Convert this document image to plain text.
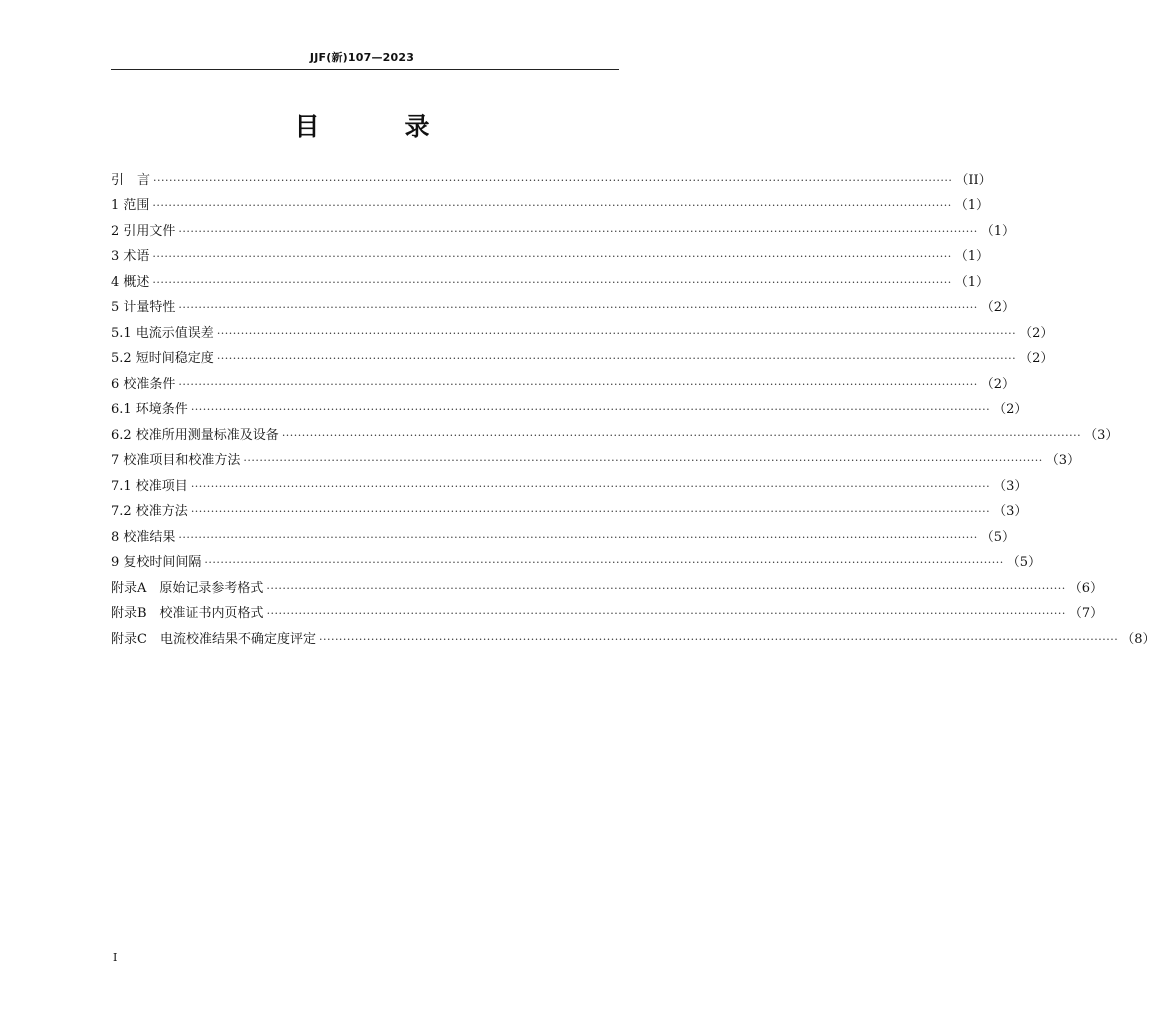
JJF(新)107—2023
目　录
引　言 ········································································································································································································ （II）
1 范围 ········································································································································································································ （1）
2 引用文件 ········································································································································································································ （1）
3 术语 ········································································································································································································ （1）
4 概述 ········································································································································································································ （1）
5 计量特性 ········································································································································································································ （2）
5.1 电流示值误差 ········································································································································································································ （2）
5.2 短时间稳定度 ········································································································································································································ （2）
6 校准条件 ········································································································································································································ （2）
6.1 环境条件 ········································································································································································································ （2）
6.2 校准所用测量标准及设备 ········································································································································································································ （3）
7 校准项目和校准方法 ········································································································································································································ （3）
7.1 校准项目 ········································································································································································································ （3）
7.2 校准方法 ········································································································································································································ （3）
8 校准结果 ········································································································································································································ （5）
9 复校时间间隔 ········································································································································································································ （5）
附录A　原始记录参考格式 ········································································································································································································ （6）
附录B　校准证书内页格式 ········································································································································································································ （7）
附录C　电流校准结果不确定度评定 ········································································································································································································ （8）
I
